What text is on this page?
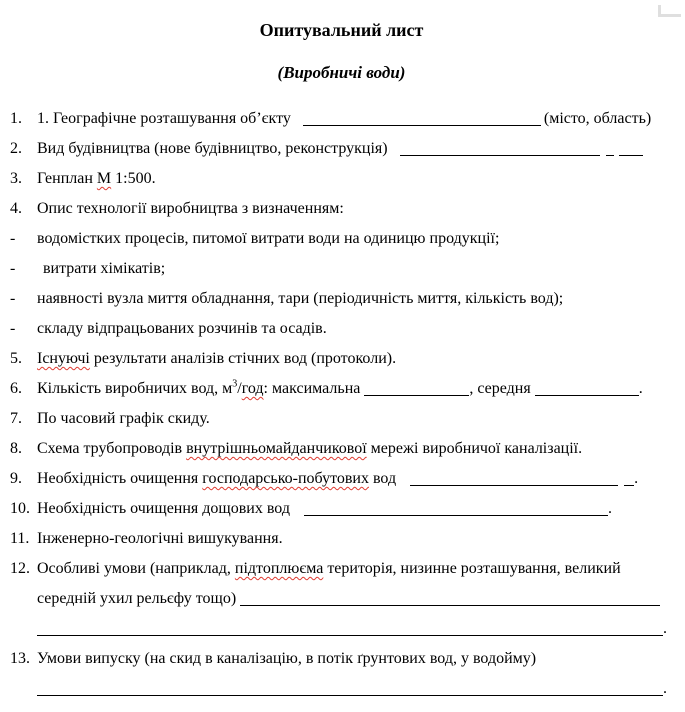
Опитувальний лист
(Виробничі води)
1. 1. Географічне розташування об’єкту	(місто, область)
2. Вид будівництва (нове будівництво, реконструкція)
3. Генплан М 1:500.
4. Опис технології виробництва з визначенням:
-	водомістких процесів, питомої витрати води на одиницю продукції;
-	витрати хімікатів;
-	наявності вузла миття обладнання, тари (періодичність миття, кількість вод);
-	складу відпрацьованих розчинів та осадів.
5. Існуючі результати аналізів стічних вод (протоколи).
6. Кількість виробничих вод, $м^3$/год: максимальна	, середня	.
7. По часовий графік скиду.
8. Схема трубопроводів внутрішньомайданчикової мережі виробничої каналізації.
9. Необхідність очищення господарсько-побутових вод	.
10. Необхідність очищення дощових вод	.
11. Інженерно-геологічні вишукування.
12. Особливі умови (наприклад, підтоплюєма територія, низинне розташування, великий
середній ухил рельєфу тощо)
.
13. Умови випуску (на скид в каналізацію, в потік ґрунтових вод, у водойму)
.
